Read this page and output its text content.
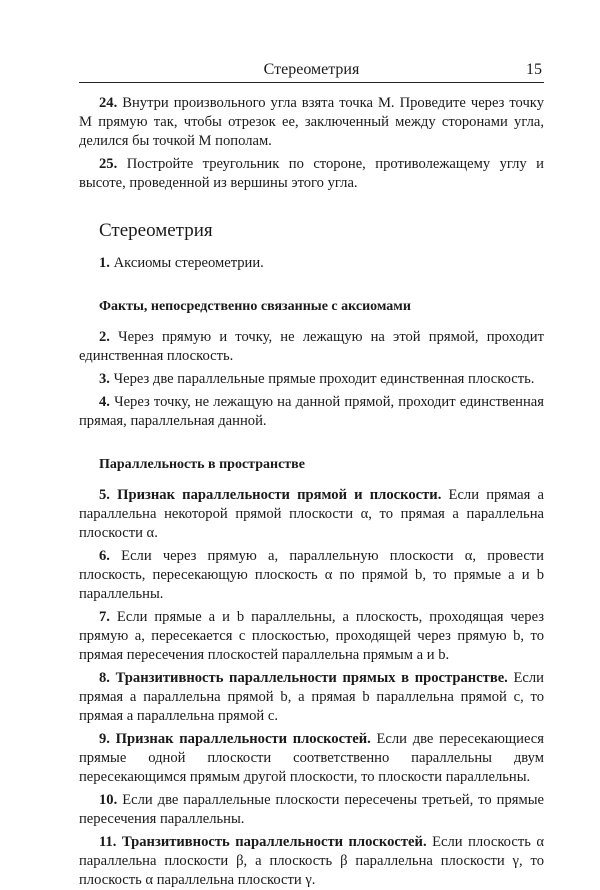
Стереометрия	15

24. Внутри произвольного угла взята точка M. Проведите через точку M прямую так, чтобы отрезок ее, заключенный между сторонами угла, делился бы точкой M пополам.

25. Постройте треугольник по стороне, противолежащему углу и высоте, проведенной из вершины этого угла.

Стереометрия

1. Аксиомы стереометрии.

Факты, непосредственно связанные с аксиомами

2. Через прямую и точку, не лежащую на этой прямой, проходит единственная плоскость.

3. Через две параллельные прямые проходит единственная плоскость.

4. Через точку, не лежащую на данной прямой, проходит единственная прямая, параллельная данной.

Параллельность в пространстве

5. Признак параллельности прямой и плоскости. Если прямая a параллельна некоторой прямой плоскости α, то прямая a параллельна плоскости α.

6. Если через прямую a, параллельную плоскости α, провести плоскость, пересекающую плоскость α по прямой b, то прямые a и b параллельны.

7. Если прямые a и b параллельны, а плоскость, проходящая через прямую a, пересекается с плоскостью, проходящей через прямую b, то прямая пересечения плоскостей параллельна прямым a и b.

8. Транзитивность параллельности прямых в пространстве. Если прямая a параллельна прямой b, а прямая b параллельна прямой c, то прямая a параллельна прямой c.

9. Признак параллельности плоскостей. Если две пересекающиеся прямые одной плоскости соответственно параллельны двум пересекающимся прямым другой плоскости, то плоскости параллельны.

10. Если две параллельные плоскости пересечены третьей, то прямые пересечения параллельны.

11. Транзитивность параллельности плоскостей. Если плоскость α параллельна плоскости β, а плоскость β параллельна плоскости γ, то плоскость α параллельна плоскости γ.
